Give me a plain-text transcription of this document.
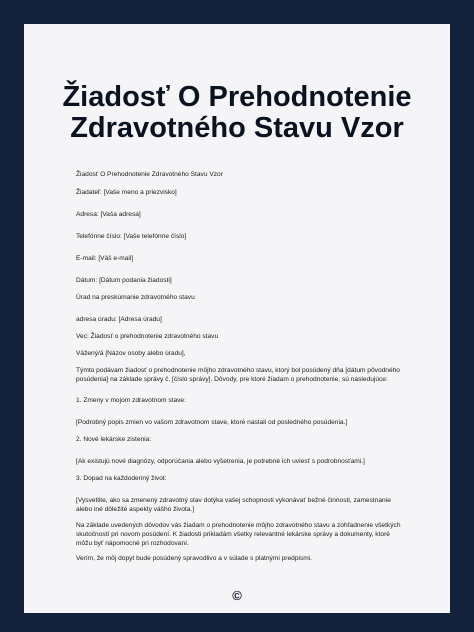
Žiadosť O Prehodnotenie
Zdravotného Stavu Vzor

Žiadosť O Prehodnotenie Zdravotného Stavu Vzor

Žiadateľ: [Vaše meno a priezvisko]

Adresa: [Vaša adresa]

Telefónne číslo: [Vaše telefónne číslo]

E-mail: [Váš e-mail]

Dátum: [Dátum podania žiadosti]

Úrad na preskúmanie zdravotného stavu

adresa úradu: [Adresa úradu]

Vec: Žiadosť o prehodnotenie zdravotného stavu

Vážený/á [Názov osoby alebo úradu],

Týmto podávam žiadosť o prehodnotenie môjho zdravotného stavu, ktorý bol posúdený dňa [dátum pôvodného posúdenia] na základe správy č. [číslo správy]. Dôvody, pre ktoré žiadam o prehodnotenie, sú nasledujúce:

1. Zmeny v mojom zdravotnom stave:

[Podrobný popis zmien vo vašom zdravotnom stave, ktoré nastali od posledného posúdenia.]

2. Nové lekárske zistenia:

[Ak existujú nové diagnózy, odporúčania alebo vyšetrenia, je potrebné ich uviesť s podrobnosťami.]

3. Dopad na každodenný život:

[Vysvetlite, ako sa zmenený zdravotný stav dotýka vašej schopnosti vykonávať bežné činnosti, zamestnanie alebo iné dôležité aspekty vášho života.]

Na základe uvedených dôvodov vás žiadam o prehodnotenie môjho zdravotného stavu a zohľadnenie všetkých skutočností pri novom posúdení. K žiadosti prikladám všetky relevantné lekárske správy a dokumenty, ktoré môžu byť nápomocné pri rozhodovaní.

Verím, že môj dopyt bude posúdený spravodlivo a v súlade s platnými predpismi.

©
